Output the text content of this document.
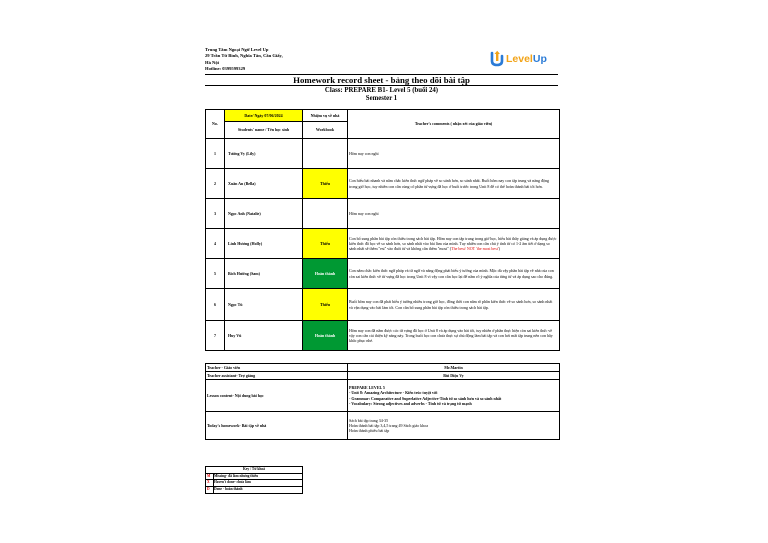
Trung Tâm Ngoại Ngữ Level Up
29 Trần Từ Bình, Nghĩa Tân, Cầu Giấy,
Hà Nội
Hotline: 0399599329
LevelUp
Homework record sheet - bảng theo dõi bài tập
Class: PREPARE B1- Level 5 (buổi 24)
Semester 1
No.	Date/ Ngày 07/06/2024	Nhiệm vụ về nhà	Teacher's comments ( nhận xét của giáo viên)
	Students' name / Tên học sinh	Workbook	
1	Tường Vy (Lily)		Hôm nay con nghỉ
2	Xuân An (Bella)	Thiếu	Con hiểu bài nhanh và nắm chắc kiến thức ngữ pháp về so sánh hơn, so sánh nhất. Buổi hôm nay con tập trung và năng động trong giờ học, tuy nhiên con cần củng cố phần từ vựng đã học ở buổi trước trong Unit 8 để có thể hoàn thành bài tốt hơn.
3	Ngọc Anh (Natalie)		Hôm nay con nghỉ
4	Linh Hương (Holly)	Thiếu	Con bổ sung phần bài tập còn thiếu trong sách bài tập. Hôm nay con tập trung trong giờ học, hiểu bài thầy giảng và áp dụng được kiến thức đã học về so sánh hơn, so sánh nhất vào bài làm của mình. Tuy nhiên con cần chú ý tính từ có 1-2 âm tiết ở dạng so sánh nhất sẽ thêm "est" vào đuôi từ và không cần thêm "most" (The best/ NOT 'the most best')
5	Bích Hường (Sam)	Hoàn thành	Con nắm chắc kiến thức ngữ pháp và từ ngữ và nâng động phát biểu ý tưởng của mình. Mặc dù vậy phần bài tập về nhà của con còn sai kiến thức về từ vựng đã học trong Unit 8 vì vậy con cần học lại để nắm rõ ý nghĩa của từng từ và áp dụng sao cho đúng.
6	Ngọc Tú	Thiếu	Buổi hôm nay con đã phát biểu ý tưởng nhiều trong giờ học, đồng thời con nắm rõ phần kiến thức về so sánh hơn, so sánh nhất và vận dụng vào bài làm tốt. Con cần bổ sung phần bài tập còn thiếu trong sách bài tập.
7	Huy Vũ	Hoàn thành	Hôm nay con đã nắm được các từ vựng đã học ở Unit 8 và áp dụng vào bài tốt, tuy nhiên ở phần thực hiện còn sai kiến thức về vậy con cần cải thiện kỹ năng này. Trong buổi học con chưa thực sự chủ động làm bài tập và con hơi mất tập trung nên con hãy khắc phục nhé.
Teacher - Giáo viên	Mr.Martin
Teacher assistant- Trợ giảng	Bùi Diệu Vy
Lesson content- Nội dung bài học	PREPARE LEVEL 5
- Unit 8: Amazing Architecture - Kiến trúc tuyệt vời
- Grammar: Comparative and Superlative Adjective-Tính từ so sánh hơn và so sánh nhất
- Vocabulary: Strong adjectives and adverbs - Tính từ và trạng từ mạnh

Today's homework- Bài tập về nhà	Sách bài tập trang 34-35
Hoàn thành bài tập 3,4,5 trang 49 Sách giáo khoa
Hoàn thành phiếu bài tập
Key / Từ khoá	
M	Missing- đã làm nhưng thiếu
X	Haven't done- chưa làm
D	Done - hoàn thành
